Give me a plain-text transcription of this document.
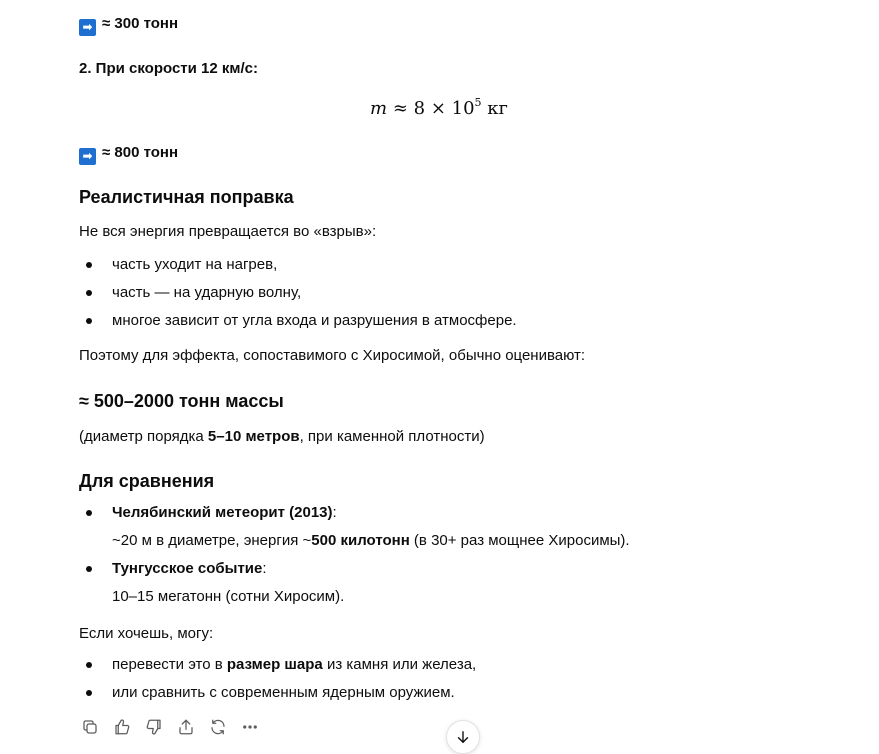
➡ ≈ 300 тонн
2. При скорости 12 км/с:
$m \approx 8 \times 10^5$ кг
➡ ≈ 800 тонн
Реалистичная поправка
Не вся энергия превращается во «взрыв»:
часть уходит на нагрев,
часть — на ударную волну,
многое зависит от угла входа и разрушения в атмосфере.
Поэтому для эффекта, сопоставимого с Хиросимой, обычно оценивают:
≈ 500–2000 тонн массы
(диаметр порядка 5–10 метров, при каменной плотности)
Для сравнения
Челябинский метеорит (2013):
~20 м в диаметре, энергия ~500 килотонн (в 30+ раз мощнее Хиросимы).
Тунгусское событие:
10–15 мегатонн (сотни Хиросим).
Если хочешь, могу:
перевести это в размер шара из камня или железа,
или сравнить с современным ядерным оружием.
